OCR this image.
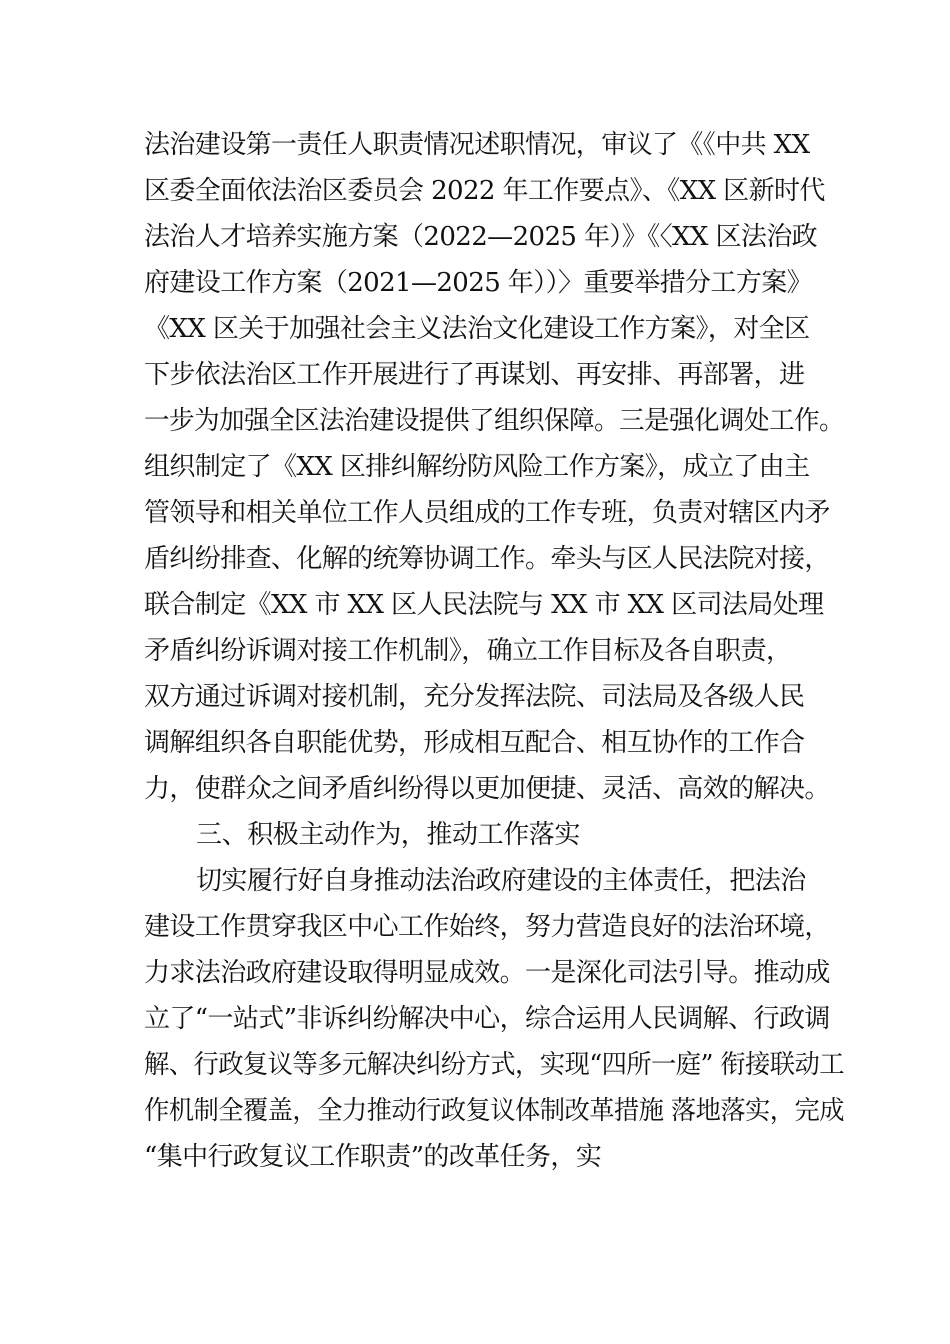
法治建设第一责任人职责情况述职情况，审议了《《中共 XX
区委全面依法治区委员会 2022 年工作要点》、《XX 区新时代
法治人才培养实施方案（2022—2025 年）》《〈XX 区法治政
府建设工作方案（2021—2025 年））〉重要举措分工方案》
《XX 区关于加强社会主义法治文化建设工作方案》，对全区
下步依法治区工作开展进行了再谋划、再安排、再部署，进
一步为加强全区法治建设提供了组织保障。三是强化调处工作。
组织制定了《XX 区排纠解纷防风险工作方案》，成立了由主
管领导和相关单位工作人员组成的工作专班，负责对辖区内矛
盾纠纷排查、化解的统筹协调工作。牵头与区人民法院对接，
联合制定《XX 市 XX 区人民法院与 XX 市 XX 区司法局处理
矛盾纠纷诉调对接工作机制》，确立工作目标及各自职责，
双方通过诉调对接机制，充分发挥法院、司法局及各级人民
调解组织各自职能优势，形成相互配合、相互协作的工作合
力，使群众之间矛盾纠纷得以更加便捷、灵活、高效的解决。
三、积极主动作为，推动工作落实
切实履行好自身推动法治政府建设的主体责任，把法治
建设工作贯穿我区中心工作始终，努力营造良好的法治环境，
力求法治政府建设取得明显成效。一是深化司法引导。推动成
立了“一站式”非诉纠纷解决中心，综合运用人民调解、行政调
解、行政复议等多元解决纠纷方式，实现“四所一庭” 衔接联动工
作机制全覆盖，全力推动行政复议体制改革措施 落地落实，完成
“集中行政复议工作职责”的改革任务，实
